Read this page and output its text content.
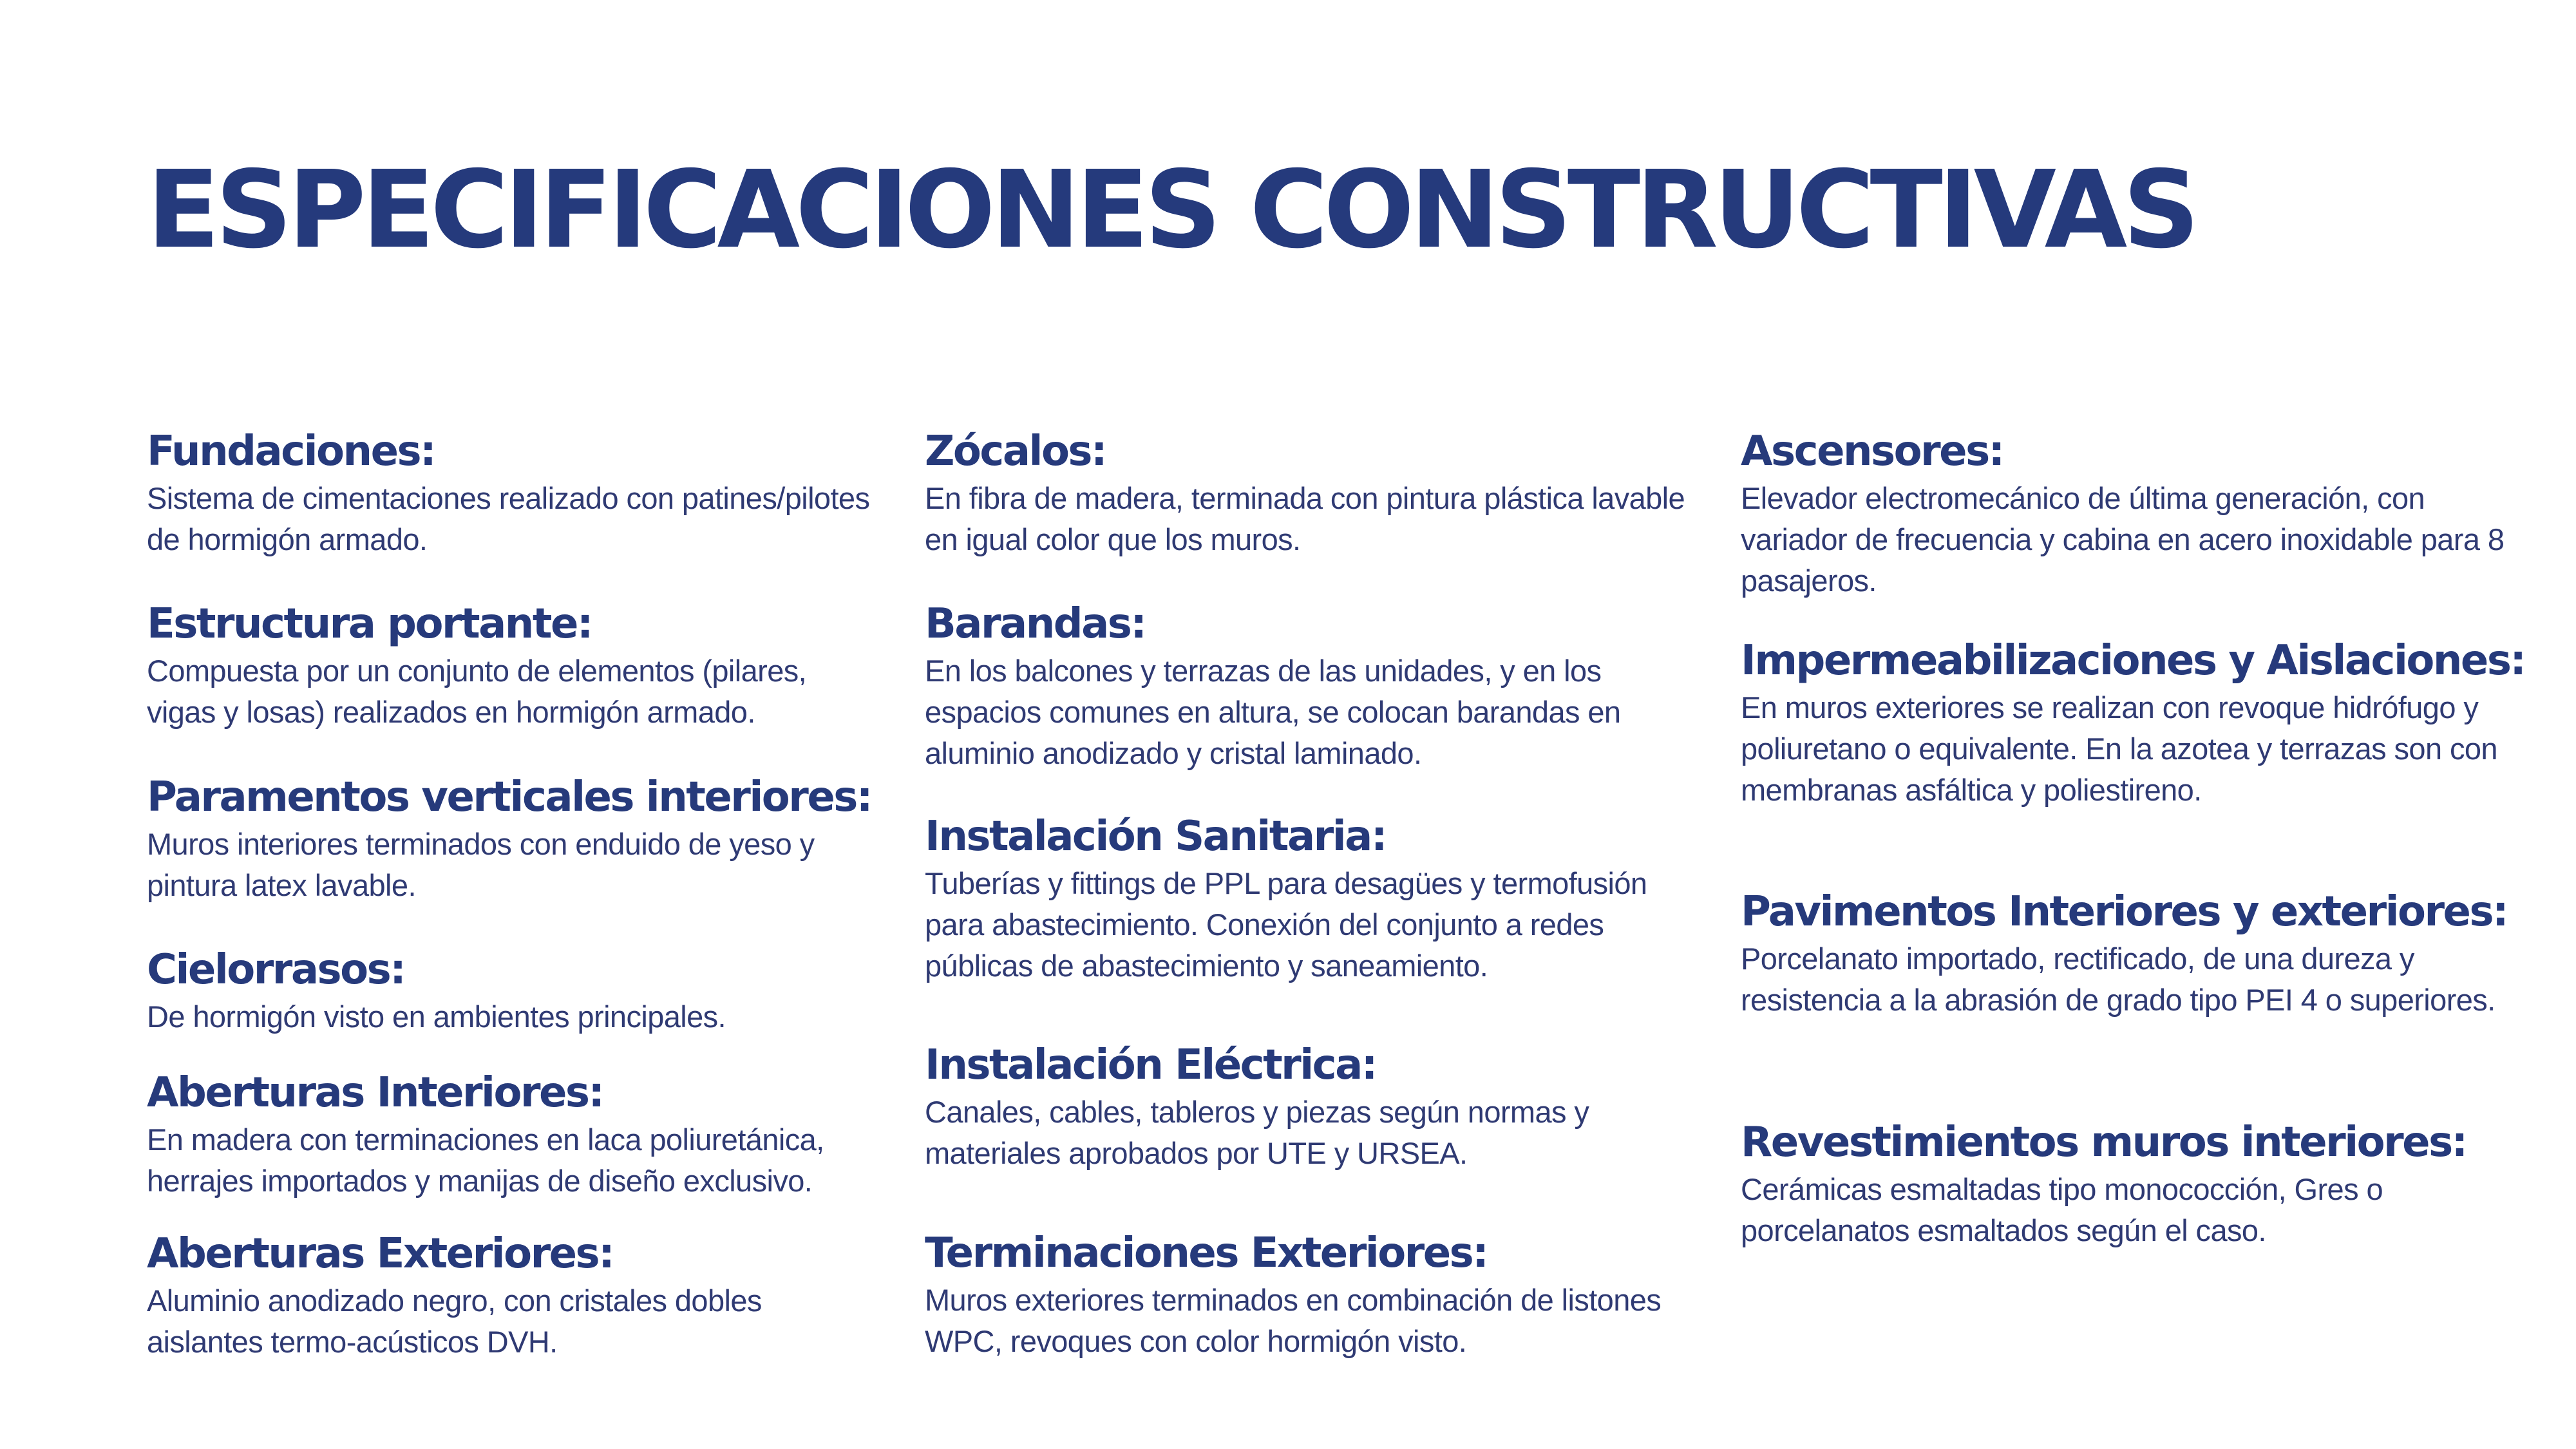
ESPECIFICACIONES CONSTRUCTIVAS
Fundaciones:

Sistema de cimentaciones realizado con patines/pilotes de hormigón armado.

Estructura portante:

Compuesta por un conjunto de elementos (pilares, vigas y losas) realizados en hormigón armado.

Paramentos verticales interiores:

Muros interiores terminados con enduido de yeso y pintura latex lavable.

Cielorrasos:

De hormigón visto en ambientes principales.

Aberturas Interiores:

En madera con terminaciones en laca poliuretánica, herrajes importados y manijas de diseño exclusivo.

Aberturas Exteriores:

Aluminio anodizado negro, con cristales dobles aislantes termo-acústicos DVH.

Zócalos:

En fibra de madera, terminada con pintura plástica lavable en igual color que los muros.

Barandas:

En los balcones y terrazas de las unidades, y en los espacios comunes en altura, se colocan barandas en aluminio anodizado y cristal laminado.

Instalación Sanitaria:

Tuberías y fittings de PPL para desagües y termofusión para abastecimiento. Conexión del conjunto a redes públicas de abastecimiento y saneamiento.

Instalación Eléctrica:

Canales, cables, tableros y piezas según normas y materiales aprobados por UTE y URSEA.

Terminaciones Exteriores:

Muros exteriores terminados en combinación de listones WPC, revoques con color hormigón visto.

Ascensores:

Elevador electromecánico de última generación, con variador de frecuencia y cabina en acero inoxidable para 8 pasajeros.

Impermeabilizaciones y Aislaciones:

En muros exteriores se realizan con revoque hidrófugo y poliuretano o equivalente. En la azotea y terrazas son con membranas asfáltica y poliestireno.

Pavimentos Interiores y exteriores:

Porcelanato importado, rectificado, de una dureza y resistencia a la abrasión de grado tipo PEI 4 o superiores.

Revestimientos muros interiores:

Cerámicas esmaltadas tipo monococción, Gres o porcelanatos esmaltados según el caso.
